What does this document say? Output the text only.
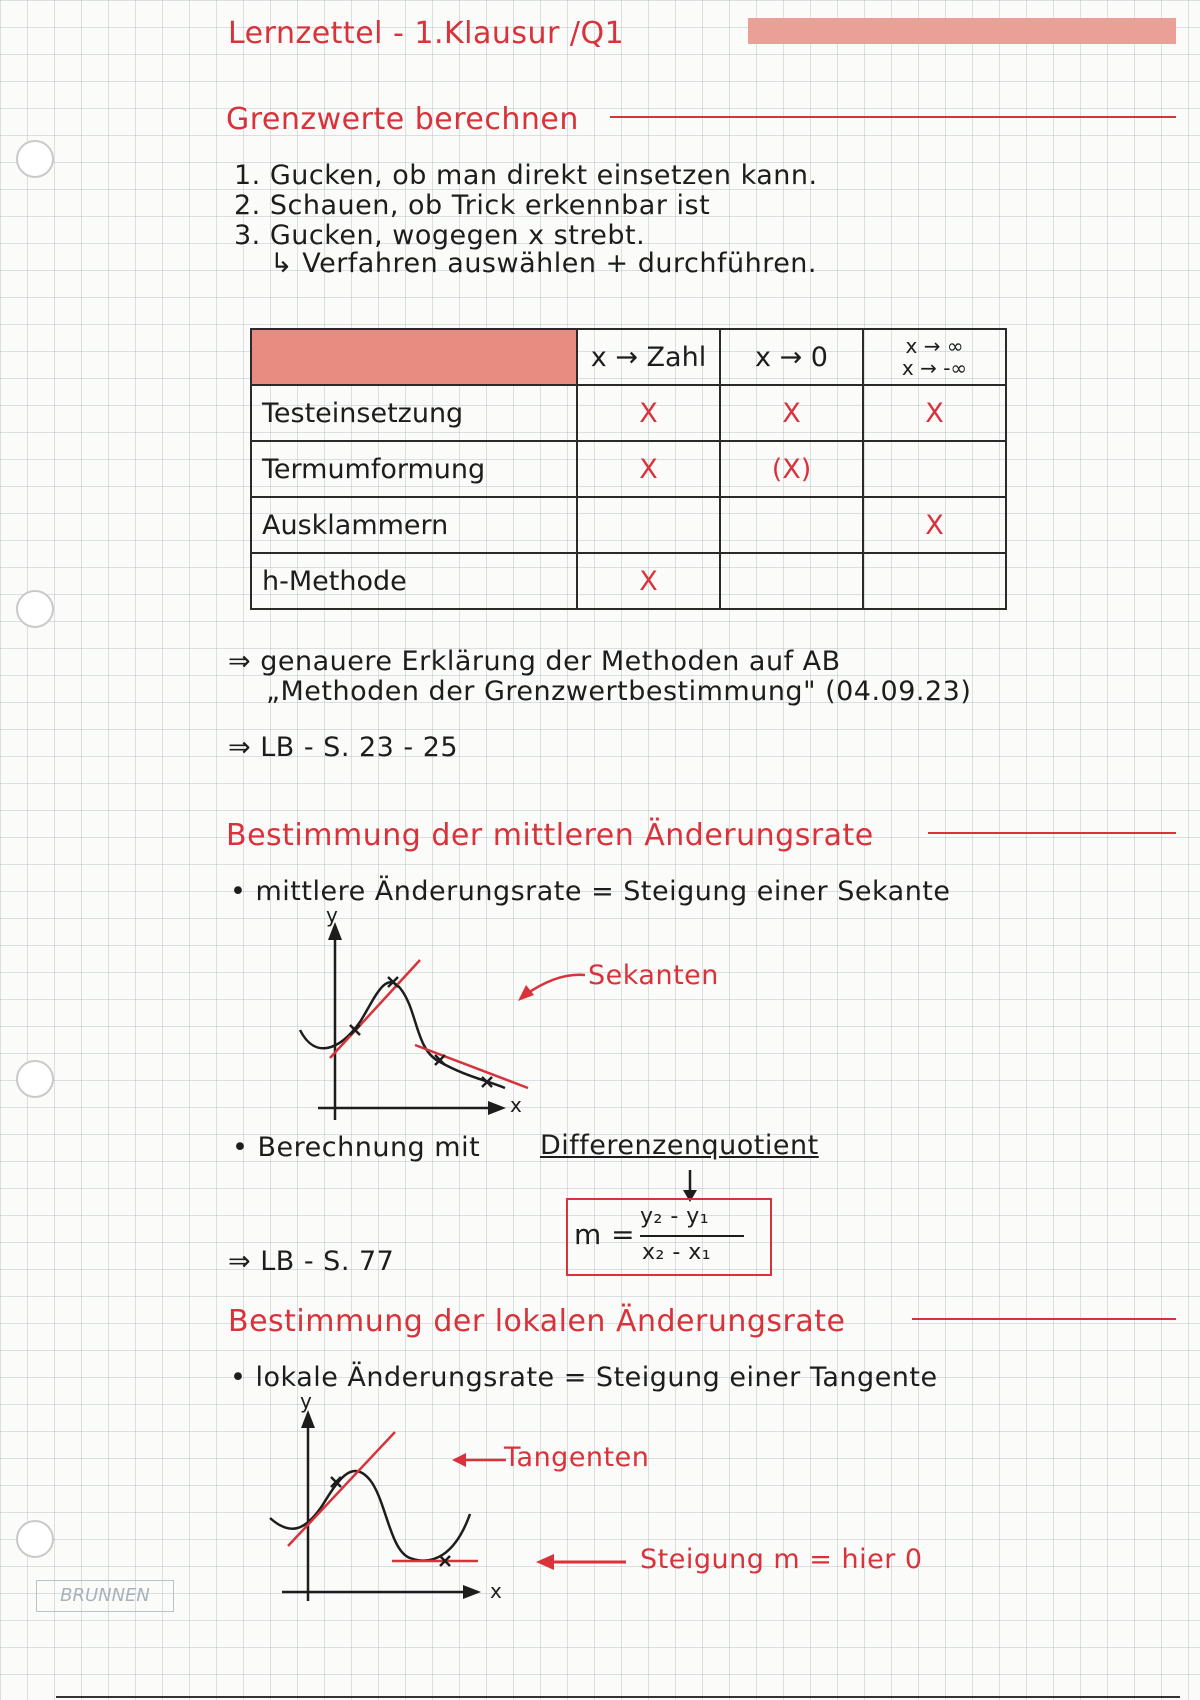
Lernzettel - 1.Klausur /Q1
Grenzwerte berechnen
1. Gucken, ob man direkt einsetzen kann.
2. Schauen, ob Trick erkennbar ist
3. Gucken, wogegen x strebt.
↳ Verfahren auswählen + durchführen.
	x → Zahl	x → 0	x → ∞
x → -∞

Testeinsetzung	X	X	X
Termumformung	X	(X)	
Ausklammern			X
h-Methode	X		
⇒ genauere Erklärung der Methoden auf AB
„Methoden der Grenzwertbestimmung" (04.09.23)
⇒ LB - S. 23 - 25
Bestimmung der mittleren Änderungsrate
• mittlere Änderungsrate = Steigung einer Sekante
y
x
Sekanten
• Berechnung mit Differenzenquotient
m =
y₂ - y₁
x₂ - x₁
⇒ LB - S. 77
Bestimmung der lokalen Änderungsrate
• lokale Änderungsrate = Steigung einer Tangente
y
x
Tangenten
Steigung m = hier 0
BRUNNEN
